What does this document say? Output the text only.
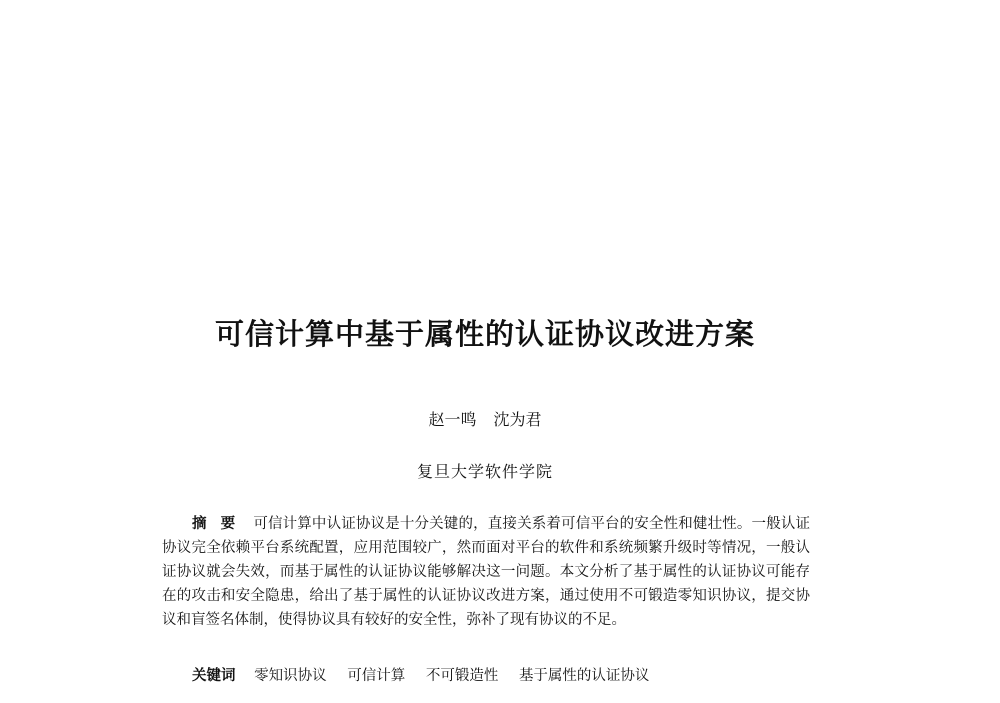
可信计算中基于属性的认证协议改进方案
赵一鸣 沈为君
复旦大学软件学院

摘要 可信计算中认证协议是十分关键的，直接关系着可信平台的安全性和健壮性。一般认证协议完全依赖平台系统配置，应用范围较广，然而面对平台的软件和系统频繁升级时等情况，一般认证协议就会失效，而基于属性的认证协议能够解决这一问题。本文分析了基于属性的认证协议可能存在的攻击和安全隐患，给出了基于属性的认证协议改进方案，通过使用不可锻造零知识协议，提交协议和盲签名体制，使得协议具有较好的安全性，弥补了现有协议的不足。

关键词 零知识协议 可信计算 不可锻造性 基于属性的认证协议
